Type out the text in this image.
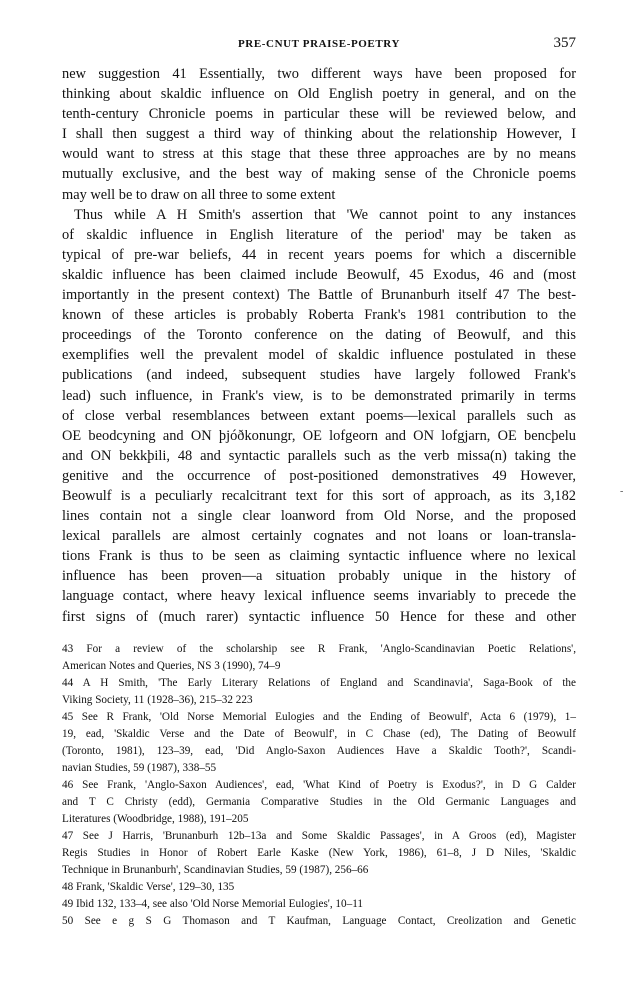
PRE-CNUT PRAISE-POETRY	357
new suggestion 41 Essentially, two different ways have been proposed for
thinking about skaldic influence on Old English poetry in general, and on the
tenth-century Chronicle poems in particular these will be reviewed below, and
I shall then suggest a third way of thinking about the relationship However, I
would want to stress at this stage that these three approaches are by no means
mutually exclusive, and the best way of making sense of the Chronicle poems
may well be to draw on all three to some extent
Thus while A H Smith's assertion that 'We cannot point to any instances
of skaldic influence in English literature of the period' may be taken as
typical of pre-war beliefs, 44 in recent years poems for which a discernible
skaldic influence has been claimed include Beowulf, 45 Exodus, 46 and (most
importantly in the present context) The Battle of Brunanburh itself 47 The best-
known of these articles is probably Roberta Frank's 1981 contribution to the
proceedings of the Toronto conference on the dating of Beowulf, and this
exemplifies well the prevalent model of skaldic influence postulated in these
publications (and indeed, subsequent studies have largely followed Frank's
lead) such influence, in Frank's view, is to be demonstrated primarily in terms
of close verbal resemblances between extant poems—lexical parallels such as
OE beodcyning and ON þjóðkonungr, OE lofgeorn and ON lofgjarn, OE bencþelu
and ON bekkþili, 48 and syntactic parallels such as the verb missa(n) taking the
genitive and the occurrence of post-positioned demonstratives 49 However,
Beowulf is a peculiarly recalcitrant text for this sort of approach, as its 3,182
lines contain not a single clear loanword from Old Norse, and the proposed
lexical parallels are almost certainly cognates and not loans or loan-transla-
tions Frank is thus to be seen as claiming syntactic influence where no lexical
influence has been proven—a situation probably unique in the history of
language contact, where heavy lexical influence seems invariably to precede the
first signs of (much rarer) syntactic influence 50 Hence for these and other
43 For a review of the scholarship see R Frank, 'Anglo-Scandinavian Poetic Relations',
American Notes and Queries, NS 3 (1990), 74–9
44 A H Smith, 'The Early Literary Relations of England and Scandinavia', Saga-Book of the
Viking Society, 11 (1928–36), 215–32 223
45 See R Frank, 'Old Norse Memorial Eulogies and the Ending of Beowulf', Acta 6 (1979), 1–
19, ead, 'Skaldic Verse and the Date of Beowulf', in C Chase (ed), The Dating of Beowulf
(Toronto, 1981), 123–39, ead, 'Did Anglo-Saxon Audiences Have a Skaldic Tooth?', Scandi-
navian Studies, 59 (1987), 338–55
46 See Frank, 'Anglo-Saxon Audiences', ead, 'What Kind of Poetry is Exodus?', in D G Calder
and T C Christy (edd), Germania Comparative Studies in the Old Germanic Languages and
Literatures (Woodbridge, 1988), 191–205
47 See J Harris, 'Brunanburh 12b–13a and Some Skaldic Passages', in A Groos (ed), Magister
Regis Studies in Honor of Robert Earle Kaske (New York, 1986), 61–8, J D Niles, 'Skaldic
Technique in Brunanburh', Scandinavian Studies, 59 (1987), 256–66
48 Frank, 'Skaldic Verse', 129–30, 135
49 Ibid 132, 133–4, see also 'Old Norse Memorial Eulogies', 10–11
50 See e g S G Thomason and T Kaufman, Language Contact, Creolization and Genetic
-
